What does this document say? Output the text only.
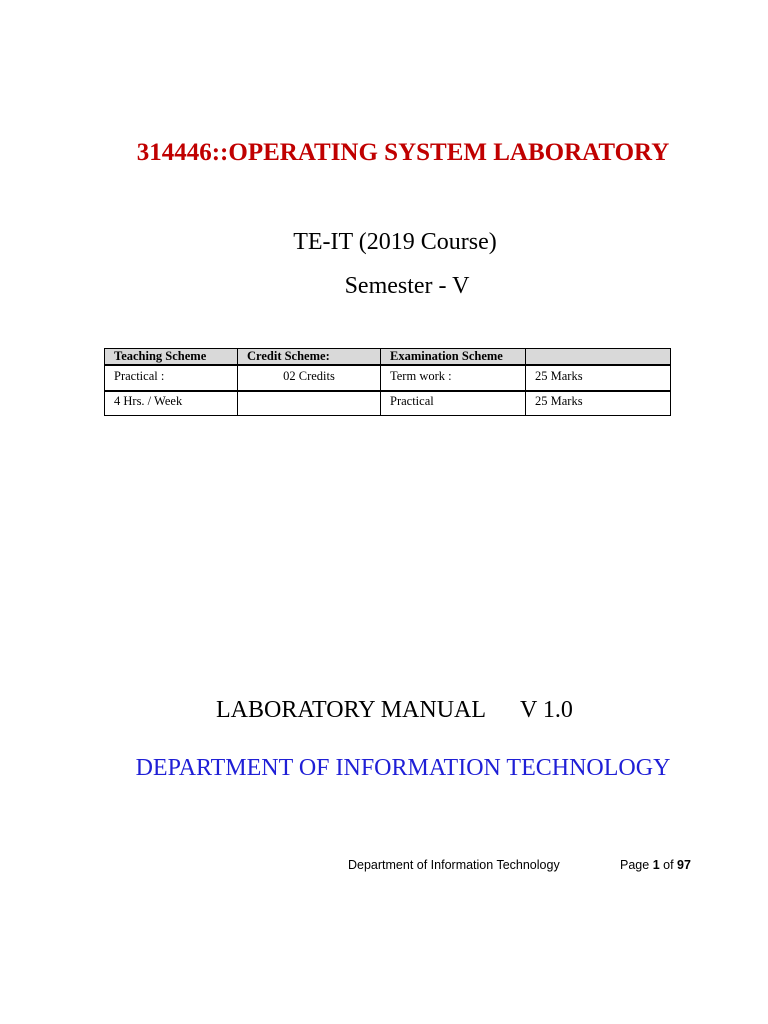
314446::OPERATING SYSTEM LABORATORY
TE-IT (2019 Course)
Semester - V
Teaching Scheme	Credit Scheme:	Examination Scheme	
Practical :	02 Credits	Term work :	25 Marks
4 Hrs. / Week		Practical	25 Marks
LABORATORY MANUAL V 1.0
DEPARTMENT OF INFORMATION TECHNOLOGY
Department of Information Technology	Page 1 of 97
